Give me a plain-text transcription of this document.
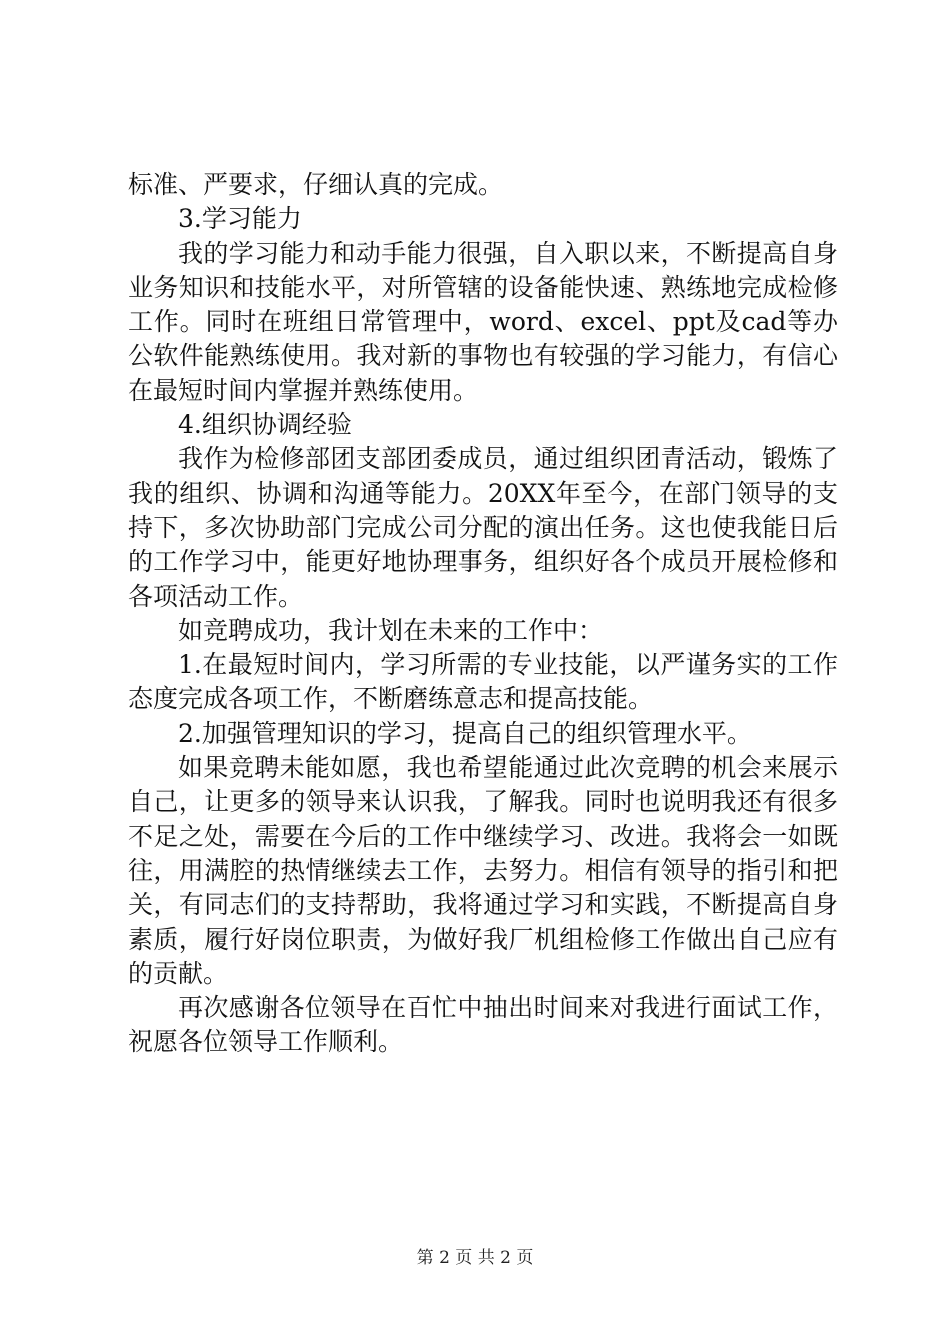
标准、严要求，仔细认真的完成。

3.学习能力

我的学习能力和动手能力很强，自入职以来，不断提高自身业务知识和技能水平，对所管辖的设备能快速、熟练地完成检修工作。同时在班组日常管理中，word、excel、ppt及cad等办公软件能熟练使用。我对新的事物也有较强的学习能力，有信心在最短时间内掌握并熟练使用。

4.组织协调经验

我作为检修部团支部团委成员，通过组织团青活动，锻炼了我的组织、协调和沟通等能力。20XX年至今，在部门领导的支持下，多次协助部门完成公司分配的演出任务。这也使我能日后的工作学习中，能更好地协理事务，组织好各个成员开展检修和各项活动工作。

如竞聘成功，我计划在未来的工作中：

1.在最短时间内，学习所需的专业技能，以严谨务实的工作态度完成各项工作，不断磨练意志和提高技能。

2.加强管理知识的学习，提高自己的组织管理水平。

如果竞聘未能如愿，我也希望能通过此次竞聘的机会来展示自己，让更多的领导来认识我，了解我。同时也说明我还有很多不足之处，需要在今后的工作中继续学习、改进。我将会一如既往，用满腔的热情继续去工作，去努力。相信有领导的指引和把关，有同志们的支持帮助，我将通过学习和实践，不断提高自身素质，履行好岗位职责，为做好我厂机组检修工作做出自己应有的贡献。

再次感谢各位领导在百忙中抽出时间来对我进行面试工作，祝愿各位领导工作顺利。

第 2 页 共 2 页
